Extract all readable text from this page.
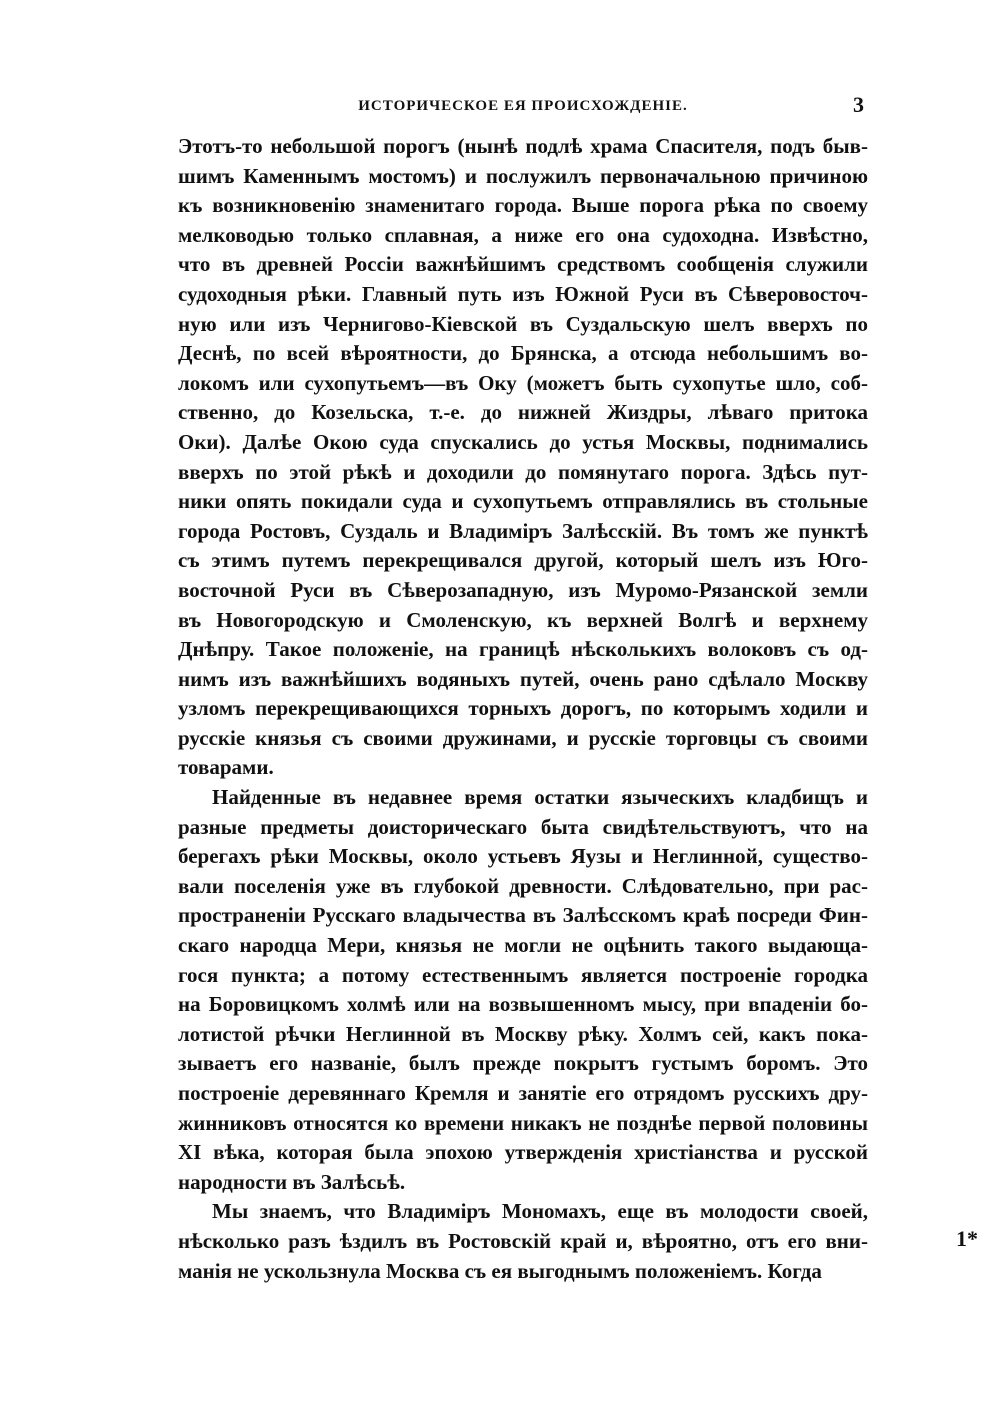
ИСТОРИЧЕСКОЕ ЕЯ ПРОИСХОЖДЕНІЕ.	3
Этотъ-то небольшой порогъ (нынѣ подлѣ храма Спасителя, подъ быв-
шимъ Каменнымъ мостомъ) и послужилъ первоначальною причиною
къ возникновенію знаменитаго города. Выше порога рѣка по своему
мелководью только сплавная, а ниже его она судоходна. Извѣстно,
что въ древней Россіи важнѣйшимъ средствомъ сообщенія служили
судоходныя рѣки. Главный путь изъ Южной Руси въ Сѣверовосточ-
ную или изъ Черниговo-Кіевской въ Суздальскую шелъ вверхъ по
Деснѣ, по всей вѣроятности, до Брянска, а отсюда небольшимъ во-
локомъ или сухопутьемъ—въ Оку (можетъ быть сухопутье шло, соб-
ственно, до Козельска, т.-е. до нижней Жиздры, лѣваго притока
Оки). Далѣе Окою суда спускались до устья Москвы, поднимались
вверхъ по этой рѣкѣ и доходили до помянутаго порога. Здѣсь пут-
ники опять покидали суда и сухопутьемъ отправлялись въ стольные
города Ростовъ, Суздаль и Владиміръ Залѣсскій. Въ томъ же пунктѣ
съ этимъ путемъ перекрещивался другой, который шелъ изъ Юго-
восточной Руси въ Сѣверозападную, изъ Муромо-Рязанской земли
въ Новогородскую и Смоленскую, къ верхней Волгѣ и верхнему
Днѣпру. Такое положеніе, на границѣ нѣсколькихъ волоковъ съ од-
нимъ изъ важнѣйшихъ водяныхъ путей, очень рано сдѣлало Москву
узломъ перекрещивающихся торныхъ дорогъ, по которымъ ходили и
русскіе князья съ своими дружинами, и русскіе торговцы съ своими
товарами.
Найденные въ недавнее время остатки языческихъ кладбищъ и
разные предметы доисторическаго быта свидѣтельствуютъ, что на
берегахъ рѣки Москвы, около устьевъ Яузы и Неглинной, существо-
вали поселенія уже въ глубокой древности. Слѣдовательно, при рас-
пространеніи Русскаго владычества въ Залѣсскомъ краѣ посреди Фин-
скаго народца Мери, князья не могли не оцѣнить такого выдающа-
гося пункта; а потому естественнымъ является построеніе городка
на Боровицкомъ холмѣ или на возвышенномъ мысу, при впаденіи бо-
лотистой рѣчки Неглинной въ Москву рѣку. Холмъ сей, какъ пока-
зываетъ его названіе, былъ прежде покрытъ густымъ боромъ. Это
построеніе деревяннаго Кремля и занятіе его отрядомъ русскихъ дру-
жинниковъ относятся ко времени никакъ не позднѣе первой половины
XI вѣка, которая была эпохою утвержденія христіанства и русской
народности въ Залѣсьѣ.
Мы знаемъ, что Владиміръ Мономахъ, еще въ молодости своей,
нѣсколько разъ ѣздилъ въ Ростовскій край и, вѣроятно, отъ его вни-
манія не ускользнула Москва съ ея выгоднымъ положеніемъ. Когда
1*
